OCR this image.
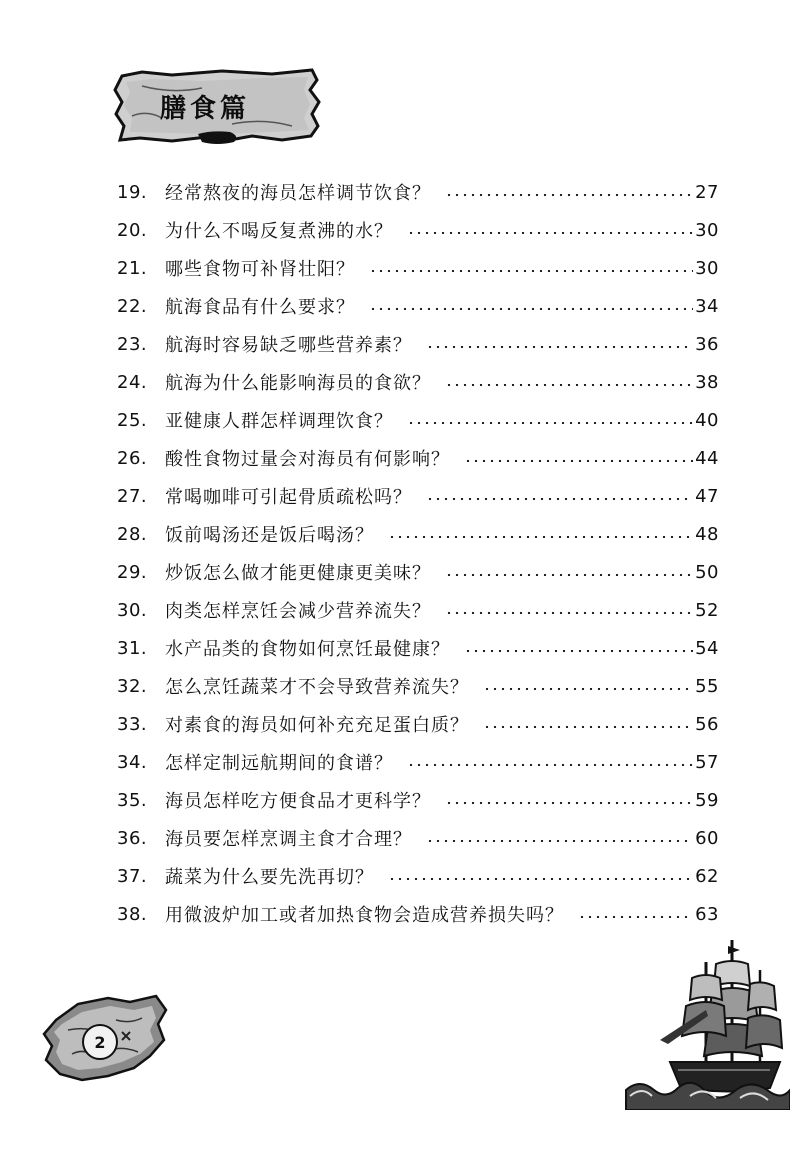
膳食篇
19. 经常熬夜的海员怎样调节饮食？	27
20. 为什么不喝反复煮沸的水？	30
21. 哪些食物可补肾壮阳？	30
22. 航海食品有什么要求？	34
23. 航海时容易缺乏哪些营养素？	36
24. 航海为什么能影响海员的食欲？	38
25. 亚健康人群怎样调理饮食？	40
26. 酸性食物过量会对海员有何影响？	44
27. 常喝咖啡可引起骨质疏松吗？	47
28. 饭前喝汤还是饭后喝汤？	48
29. 炒饭怎么做才能更健康更美味？	50
30. 肉类怎样烹饪会减少营养流失？	52
31. 水产品类的食物如何烹饪最健康？	54
32. 怎么烹饪蔬菜才不会导致营养流失？	55
33. 对素食的海员如何补充充足蛋白质？	56
34. 怎样定制远航期间的食谱？	57
35. 海员怎样吃方便食品才更科学？	59
36. 海员要怎样烹调主食才合理？	60
37. 蔬菜为什么要先洗再切？	62
38. 用微波炉加工或者加热食物会造成营养损失吗？	63
2
